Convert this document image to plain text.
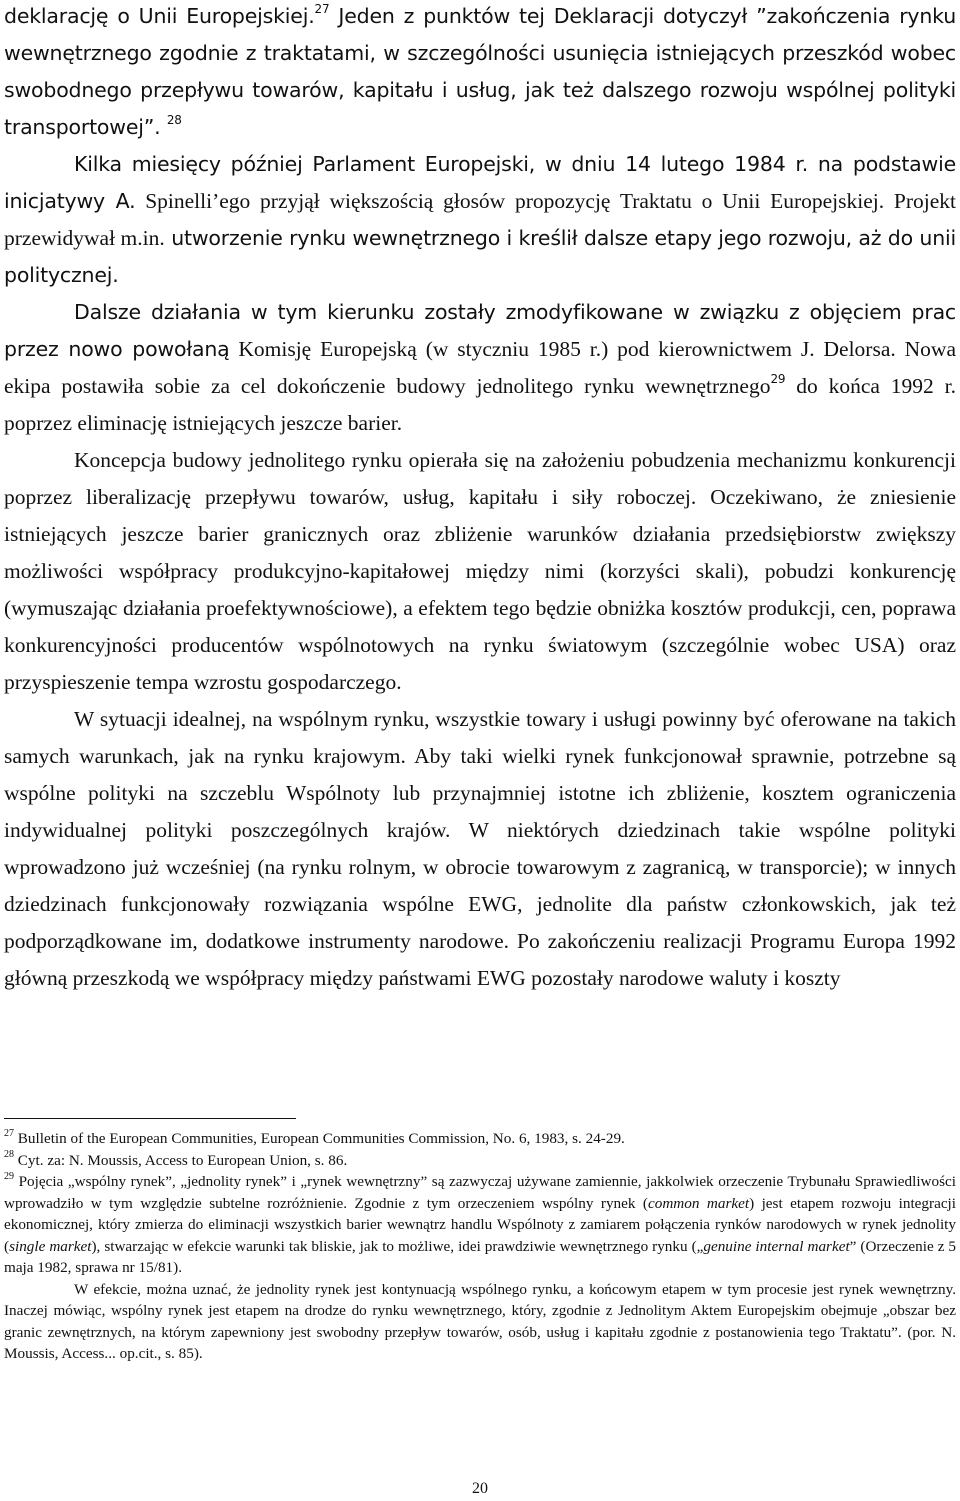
deklarację o Unii Europejskiej.$^{27}$ Jeden z punktów tej Deklaracji dotyczył ”zakończenia rynku wewnętrznego zgodnie z traktatami, w szczególności usunięcia istniejących przeszkód wobec swobodnego przepływu towarów, kapitału i usług, jak też dalszego rozwoju wspólnej polityki transportowej”. $^{28}$

Kilka miesięcy później Parlament Europejski, w dniu 14 lutego 1984 r. na podstawie inicjatywy A. Spinelli’ego przyjął większością głosów propozycję Traktatu o Unii Europejskiej. Projekt przewidywał m.in. utworzenie rynku wewnętrznego i kreślił dalsze etapy jego rozwoju, aż do unii politycznej.

Dalsze działania w tym kierunku zostały zmodyfikowane w związku z objęciem prac przez nowo powołaną Komisję Europejską (w styczniu 1985 r.) pod kierownictwem J. Delorsa. Nowa ekipa postawiła sobie za cel dokończenie budowy jednolitego rynku wewnętrznego$^{29}$ do końca 1992 r. poprzez eliminację istniejących jeszcze barier.

Koncepcja budowy jednolitego rynku opierała się na założeniu pobudzenia mechanizmu konkurencji poprzez liberalizację przepływu towarów, usług, kapitału i siły roboczej. Oczekiwano, że zniesienie istniejących jeszcze barier granicznych oraz zbliżenie warunków działania przedsiębiorstw zwiększy możliwości współpracy produkcyjno-kapitałowej między nimi (korzyści skali), pobudzi konkurencję (wymuszając działania proefektywnościowe), a efektem tego będzie obniżka kosztów produkcji, cen, poprawa konkurencyjności producentów wspólnotowych na rynku światowym (szczególnie wobec USA) oraz przyspieszenie tempa wzrostu gospodarczego.

W sytuacji idealnej, na wspólnym rynku, wszystkie towary i usługi powinny być oferowane na takich samych warunkach, jak na rynku krajowym. Aby taki wielki rynek funkcjonował sprawnie, potrzebne są wspólne polityki na szczeblu Wspólnoty lub przynajmniej istotne ich zbliżenie, kosztem ograniczenia indywidualnej polityki poszczególnych krajów. W niektórych dziedzinach takie wspólne polityki wprowadzono już wcześniej (na rynku rolnym, w obrocie towarowym z zagranicą, w transporcie); w innych dziedzinach funkcjonowały rozwiązania wspólne EWG, jednolite dla państw członkowskich, jak też podporządkowane im, dodatkowe instrumenty narodowe. Po zakończeniu realizacji Programu Europa 1992 główną przeszkodą we współpracy między państwami EWG pozostały narodowe waluty i koszty

$^{27}$ Bulletin of the European Communities, European Communities Commission, No. 6, 1983, s. 24-29.

$^{28}$ Cyt. za: N. Moussis, Access to European Union, s. 86.

$^{29}$ Pojęcia „wspólny rynek”, „jednolity rynek” i „rynek wewnętrzny” są zazwyczaj używane zamiennie, jakkolwiek orzeczenie Trybunału Sprawiedliwości wprowadziło w tym względzie subtelne rozróżnienie. Zgodnie z tym orzeczeniem wspólny rynek (common market) jest etapem rozwoju integracji ekonomicznej, który zmierza do eliminacji wszystkich barier wewnątrz handlu Wspólnoty z zamiarem połączenia rynków narodowych w rynek jednolity (single market), stwarzając w efekcie warunki tak bliskie, jak to możliwe, idei prawdziwie wewnętrznego rynku („genuine internal market” (Orzeczenie z 5 maja 1982, sprawa nr 15/81).

W efekcie, można uznać, że jednolity rynek jest kontynuacją wspólnego rynku, a końcowym etapem w tym procesie jest rynek wewnętrzny. Inaczej mówiąc, wspólny rynek jest etapem na drodze do rynku wewnętrznego, który, zgodnie z Jednolitym Aktem Europejskim obejmuje „obszar bez granic zewnętrznych, na którym zapewniony jest swobodny przepływ towarów, osób, usług i kapitału zgodnie z postanowienia tego Traktatu”. (por. N. Moussis, Access... op.cit., s. 85).

20
